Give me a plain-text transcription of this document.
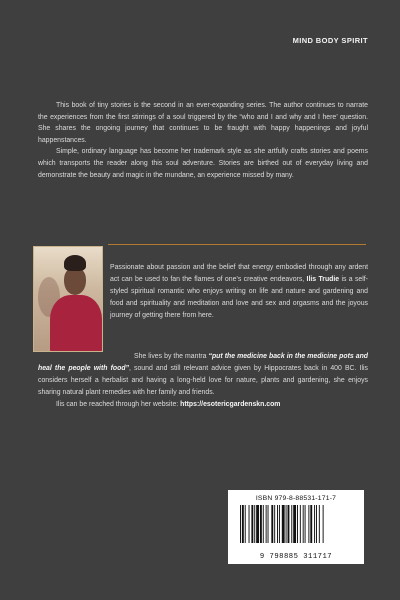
MIND BODY SPIRIT

This book of tiny stories is the second in an ever-expanding series. The author continues to narrate the experiences from the first stirrings of a soul triggered by the “who and I and why and I here’ question. She shares the ongoing journey that continues to be fraught with happy happenings and joyful happenstances.

Simple, ordinary language has become her trademark style as she artfully crafts stories and poems which transports the reader along this soul adventure. Stories are birthed out of everyday living and demonstrate the beauty and magic in the mundane, an experience missed by many.

Passionate about passion and the belief that energy embodied through any ardent act can be used to fan the flames of one’s creative endeavors, Ilis Trudie is a self-styled spiritual romantic who enjoys writing on life and nature and gardening and food and spirituality and meditation and love and sex and orgasms and the joyous journey of getting there from here.

She lives by the mantra “put the medicine back in the medicine pots and heal the people with food”, sound and still relevant advice given by Hippocrates back in 400 BC. Ilis considers herself a herbalist and having a long-held love for nature, plants and gardening, she enjoys sharing natural plant remedies with her family and friends.

Ilis can be reached through her website: https://esotericgardenskn.com

ISBN 979-8-88531-171-7
9 798885 311717
